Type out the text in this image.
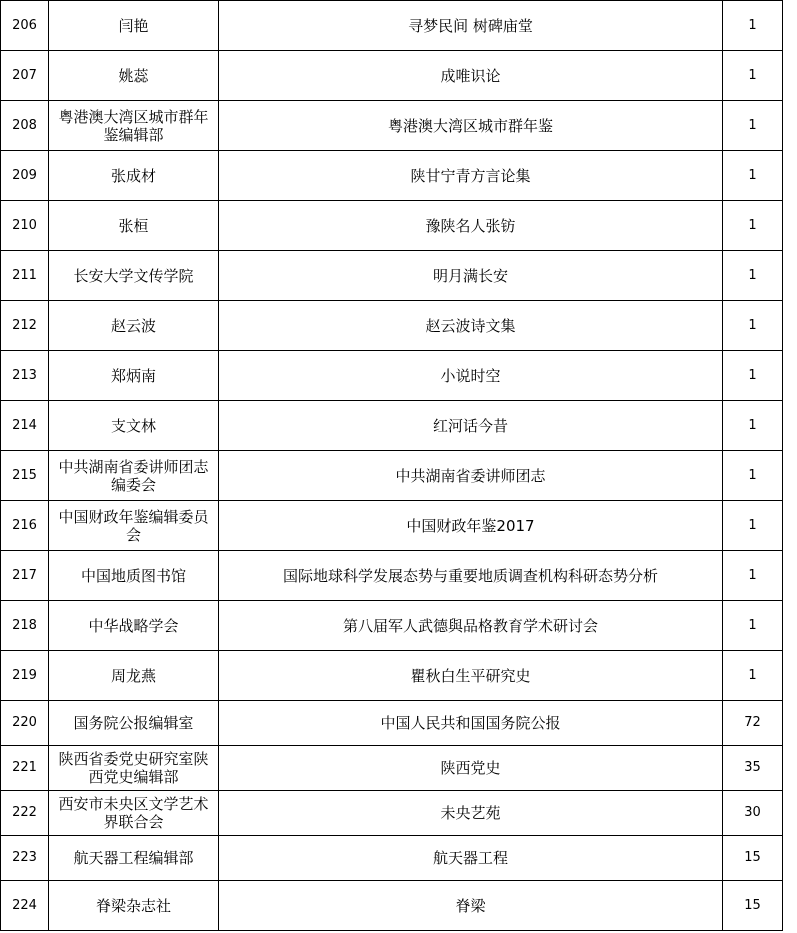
206	闫艳	寻梦民间 树碑庙堂	1
207	姚蕊	成唯识论	1
208	粤港澳大湾区城市群年鉴编辑部	粤港澳大湾区城市群年鉴	1
209	张成材	陕甘宁青方言论集	1
210	张桓	豫陕名人张钫	1
211	长安大学文传学院	明月满长安	1
212	赵云波	赵云波诗文集	1
213	郑炳南	小说时空	1
214	支文林	红河话今昔	1
215	中共湖南省委讲师团志编委会	中共湖南省委讲师团志	1
216	中国财政年鉴编辑委员会	中国财政年鉴2017	1
217	中国地质图书馆	国际地球科学发展态势与重要地质调查机构科研态势分析	1
218	中华战略学会	第八届军人武德與品格教育学术研讨会	1
219	周龙燕	瞿秋白生平研究史	1
220	国务院公报编辑室	中国人民共和国国务院公报	72
221	陕西省委党史研究室陕西党史编辑部	陕西党史	35
222	西安市未央区文学艺术界联合会	未央艺苑	30
223	航天器工程编辑部	航天器工程	15
224	脊梁杂志社	脊梁	15
